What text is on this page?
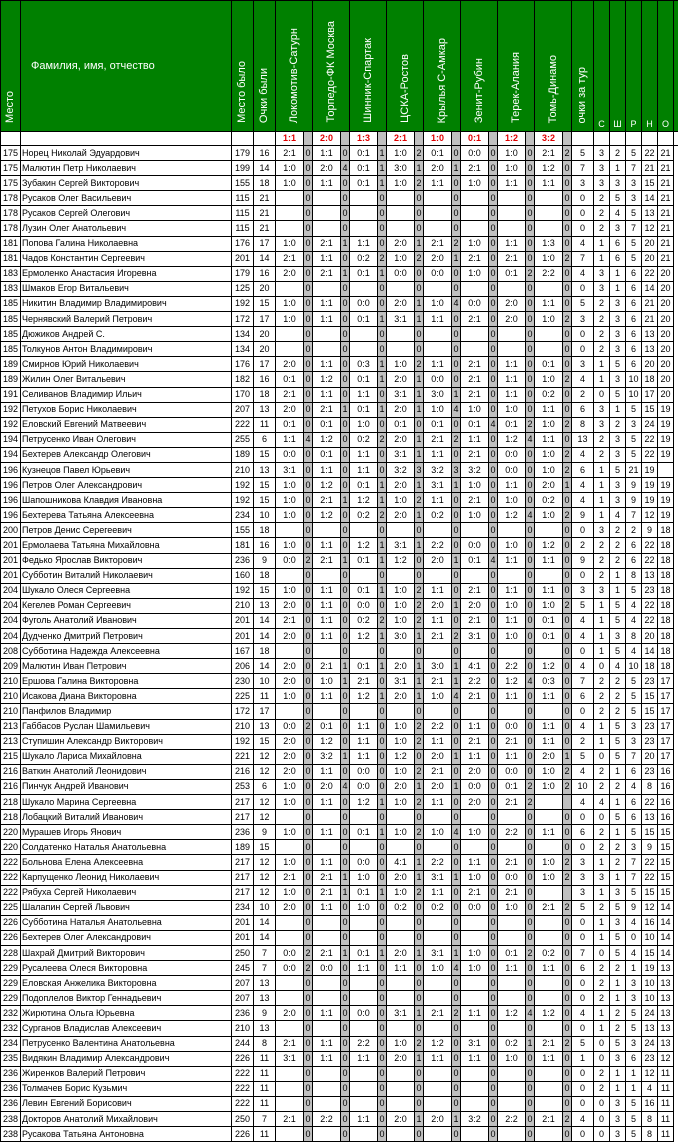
Место	Фамилия, имя, отчество	Место было	Очки были	Локомотив-Сатурн		Торпедо-ФК Москва		Шинник-Спартак		ЦСКА-Ростов		Крылья С-Амкар		Зенит-Рубин		Терек-Алания		Томь-Динамо		очки за тур	С	Ш	Р	Н	О	
				1:1		2:0		1:3		2:1		1:0		0:1		1:2		3:2								
175	Норец Николай Эдуардович	179	16	2:1	0	1:1	0	0:1	1	1:0	2	0:1	0	0:0	0	1:0	0	2:1	2	5	3	2	5	22	21	
175	Малютин Петр Николаевич	199	14	1:0	0	2:0	4	0:1	1	3:0	1	2:0	1	2:1	0	1:0	0	1:2	0	7	3	1	7	21	21	
175	Зубакин Сергей Викторович	155	18	1:0	0	1:1	0	0:1	1	1:0	2	1:1	0	1:0	0	1:1	0	1:1	0	3	3	3	3	15	21	
178	Русаков Олег Васильевич	115	21		0		0		0		0		0		0		0		0	0	2	5	3	14	21	
178	Русаков Сергей Олегович	115	21		0		0		0		0		0		0		0		0	0	2	4	5	13	21	
178	Лузин Олег Анатольевич	115	21		0		0		0		0		0		0		0		0	0	2	3	7	12	21	
181	Попова Галина Николаевна	176	17	1:0	0	2:1	1	1:1	0	2:0	1	2:1	2	1:0	0	1:1	0	1:3	0	4	1	6	5	20	21	
181	Чадов Константин Сергеевич	201	14	2:1	0	1:1	0	0:2	2	1:0	2	2:0	1	2:1	0	2:1	0	1:0	2	7	1	6	5	20	21	
183	Ермоленко Анастасия Игоревна	179	16	2:0	0	2:1	1	0:1	1	0:0	0	0:0	0	1:0	0	0:1	2	2:2	0	4	3	1	6	22	20	
183	Шмаков Егор Витальевич	125	20		0		0		0		0		0		0		0		0	0	3	1	6	14	20	
185	Никитин Владимир Владимирович	192	15	1:0	0	1:1	0	0:0	0	2:0	1	1:0	4	0:0	0	2:0	0	1:1	0	5	2	3	6	21	20	
185	Чернявский Валерий Петрович	172	17	1:0	0	1:1	0	0:1	1	3:1	1	1:1	0	2:1	0	2:0	0	1:0	2	3	2	3	6	21	20	
185	Дюжиков Андрей С.	134	20		0		0		0		0		0		0		0		0	0	2	3	6	13	20	
185	Толкунов Антон Владимирович	134	20		0		0		0		0		0		0		0		0	0	2	3	6	13	20	
189	Смирнов Юрий Николаевич	176	17	2:0	0	1:1	0	0:3	1	1:0	2	1:1	0	2:1	0	1:1	0	0:1	0	3	1	5	6	20	20	
189	Жилин Олег Витальевич	182	16	0:1	0	1:2	0	0:1	1	2:0	1	0:0	0	2:1	0	1:1	0	1:0	2	4	1	3	10	18	20	
191	Селиванов Владимир Ильич	170	18	2:1	0	1:1	0	1:1	0	3:1	1	3:0	1	2:1	0	1:1	0	0:2	0	2	0	5	10	17	20	
192	Петухов Борис Николаевич	207	13	2:0	0	2:1	1	0:1	1	2:0	1	1:0	4	1:0	0	1:0	0	1:1	0	6	3	1	5	15	19	
192	Еловский Евгений Матвеевич	222	11	0:1	0	0:1	0	1:0	0	0:1	0	0:1	0	0:1	4	0:1	2	1:0	2	8	3	2	3	24	19	
194	Петрусенко Иван Олегович	255	6	1:1	4	1:2	0	0:2	2	2:0	1	2:1	2	1:1	0	1:2	4	1:1	0	13	2	3	5	22	19	
194	Бехтерев Александр Олегович	189	15	0:0	0	0:1	0	1:1	0	3:1	1	1:1	0	2:1	0	0:0	0	1:0	2	4	2	3	5	22	19	
196	Кузнецов Павел Юрьевич	210	13	3:1	0	1:1	0	1:1	0	3:2	3	3:2	3	3:2	0	0:0	0	1:0	2	6	1	5	21	19		
196	Петров Олег Александрович	192	15	1:0	0	1:2	0	0:1	1	2:0	1	3:1	1	1:0	0	1:1	0	2:0	1	4	1	3	9	19	19	
196	Шапошникова Клавдия Ивановна	192	15	1:0	0	2:1	1	1:2	1	1:0	2	1:1	0	2:1	0	1:0	0	0:2	0	4	1	3	9	19	19	
196	Бехтерева Татьяна Алексеевна	234	10	1:0	0	1:2	0	0:2	2	2:0	1	0:2	0	1:0	0	1:2	4	1:0	2	9	1	4	7	12	19	
200	Петров Денис Серегеевич	155	18		0		0		0		0		0		0		0		0	0	3	2	2	9	18	
201	Ермолаева Татьяна Михайловна	181	16	1:0	0	1:1	0	1:2	1	3:1	1	2:2	0	0:0	0	1:0	0	1:2	0	2	2	2	6	22	18	
201	Федько Ярослав Викторович	236	9	0:0	2	2:1	1	0:1	1	1:2	0	2:0	1	0:1	4	1:1	0	1:1	0	9	2	2	6	22	18	
201	Субботин Виталий Николаевич	160	18		0		0		0		0		0		0		0		0	0	2	1	8	13	18	
204	Шукало Олеся Сергеевна	192	15	1:0	0	1:1	0	0:1	1	1:0	2	1:1	0	2:1	0	1:1	0	1:1	0	3	3	1	5	23	18	
204	Кегелев Роман Сергеевич	210	13	2:0	0	1:1	0	0:0	0	1:0	2	2:0	1	2:0	0	1:0	0	1:0	2	5	1	5	4	22	18	
204	Фуголь Анатолий Иванович	201	14	2:1	0	1:1	0	0:2	2	1:0	2	1:1	0	2:1	0	1:1	0	0:1	0	4	1	5	4	22	18	
204	Дудченко Дмитрий Петрович	201	14	2:0	0	1:1	0	1:2	1	3:0	1	2:1	2	3:1	0	1:0	0	0:1	0	4	1	3	8	20	18	
208	Субботина Надежда Алексеевна	167	18		0		0		0		0		0		0		0		0	0	1	5	4	14	18	
209	Малютин Иван Петрович	206	14	2:0	0	2:1	1	0:1	1	2:0	1	3:0	1	4:1	0	2:2	0	1:2	0	4	0	4	10	18	18	
210	Ершова Галина Викторовна	230	10	2:0	0	1:0	1	2:1	0	3:1	1	2:1	1	2:2	0	1:2	4	0:3	0	7	2	2	5	23	17	
210	Исакова Диана Викторовна	225	11	1:0	0	1:1	0	1:2	1	2:0	1	1:0	4	2:1	0	1:1	0	1:1	0	6	2	2	5	15	17	
210	Панфилов Владимир	172	17		0		0		0		0		0		0		0		0	0	2	2	5	15	17	
213	Габбасов Руслан Шамильевич	210	13	0:0	2	0:1	0	1:1	0	1:0	2	2:2	0	1:1	0	0:0	0	1:1	0	4	1	5	3	23	17	
213	Ступишин Александр Викторович	192	15	2:0	0	1:2	0	1:1	0	1:0	2	1:1	0	2:1	0	2:1	0	1:1	0	2	1	5	3	23	17	
215	Шукало Лариса Михайловна	221	12	2:0	0	3:2	1	1:1	0	1:2	0	2:0	1	1:1	0	1:1	0	2:0	1	5	0	5	7	20	17	
216	Ваткин Анатолий Леонидович	216	12	2:0	0	1:1	0	0:0	0	1:0	2	2:1	0	2:0	0	0:0	0	1:0	2	4	2	1	6	23	16	
216	Пинчук Андрей Иванович	253	6	1:0	0	2:0	4	0:0	0	2:0	1	2:0	1	0:0	0	0:1	2	1:0	2	10	2	2	4	8	16	
218	Шукало Марина Сергеевна	217	12	1:0	0	1:1	0	1:2	1	1:0	2	1:1	0	2:0	0	2:1	2			4	4	1	6	22	16	
218	Лобацкий Виталий Иванович	217	12		0		0		0		0		0		0		0		0	0	0	5	6	13	16	
220	Мурашев Игорь Янович	236	9	1:0	0	1:1	0	0:1	1	1:0	2	1:0	4	1:0	0	2:2	0	1:1	0	6	2	1	5	15	15	
220	Солдатенко Наталья Анатольевна	189	15		0		0		0		0		0		0		0		0	0	2	2	3	9	15	
222	Больнова Елена Алексеевна	217	12	1:0	0	1:1	0	0:0	0	4:1	1	2:2	0	1:1	0	2:1	0	1:0	2	3	1	2	7	22	15	
222	Карпущенко Леонид Николаевич	217	12	2:1	0	2:1	1	1:0	0	2:0	1	3:1	1	1:0	0	0:0	0	1:0	2	3	3	1	7	22	15	
222	Рябуха Сергей Николаевич	217	12	1:0	0	2:1	1	0:1	1	1:0	2	1:1	0	2:1	0	2:1	0			3	1	3	5	15	15	
225	Шалапин Сергей Львович	234	10	2:0	0	1:1	0	1:0	0	0:2	0	0:2	0	0:0	0	1:0	0	2:1	2	5	2	5	9	12	14	
226	Субботина Наталья Анатольевна	201	14		0		0		0		0		0		0		0		0	0	1	3	4	16	14	
226	Бехтерев Олег Александрович	201	14		0		0		0		0		0		0		0		0	0	1	5	0	10	14	
228	Шахрай Дмитрий Викторович	250	7	0:0	2	2:1	1	0:1	1	2:0	1	3:1	1	1:0	0	0:1	2	0:2	0	7	0	5	4	15	14	
229	Русалеева Олеся Викторовна	245	7	0:0	2	0:0	0	1:1	0	1:1	0	1:0	4	1:0	0	1:1	0	1:1	0	6	2	2	1	19	13	
229	Еловская Анжелика Викторовна	207	13		0		0		0		0		0		0		0		0	0	2	1	3	10	13	
229	Подоплелов Виктор Геннадьевич	207	13		0		0		0		0		0		0		0		0	0	2	1	3	10	13	
232	Жирютина Ольга Юрьевна	236	9	2:0	0	1:1	0	0:0	0	3:1	1	2:1	2	1:1	0	1:2	4	1:2	0	4	1	2	5	24	13	
232	Сурганов Владислав Алексеевич	210	13		0		0		0		0		0		0		0		0	0	1	2	5	13	13	
234	Петрусенко Валентина Анатольевна	244	8	2:1	0	1:1	0	2:2	0	1:0	2	1:2	0	3:1	0	0:2	1	2:1	2	5	0	5	3	24	13	
235	Видякин Владимир Александрович	226	11	3:1	0	1:1	0	1:1	0	2:0	1	1:1	0	1:1	0	1:0	0	1:1	0	1	0	3	6	23	12	
236	Жиренков Валерий Петрович	222	11		0		0		0		0		0		0		0		0	0	2	1	1	12	11	
236	Толмачев Борис Кузьмич	222	11		0		0		0		0		0		0		0		0	0	2	1	1	4	11	
236	Левин Евгений Борисович	222	11		0		0		0		0		0		0		0		0	0	0	3	5	16	11	
238	Докторов Анатолий Михайлович	250	7	2:1	0	2:2	0	1:1	0	2:0	1	2:0	1	3:2	0	2:2	0	2:1	2	4	0	3	5	8	11	
238	Русакова Татьяна Антоновна	226	11		0		0		0		0		0		0		0		0	0	0	3	5	8	11	
